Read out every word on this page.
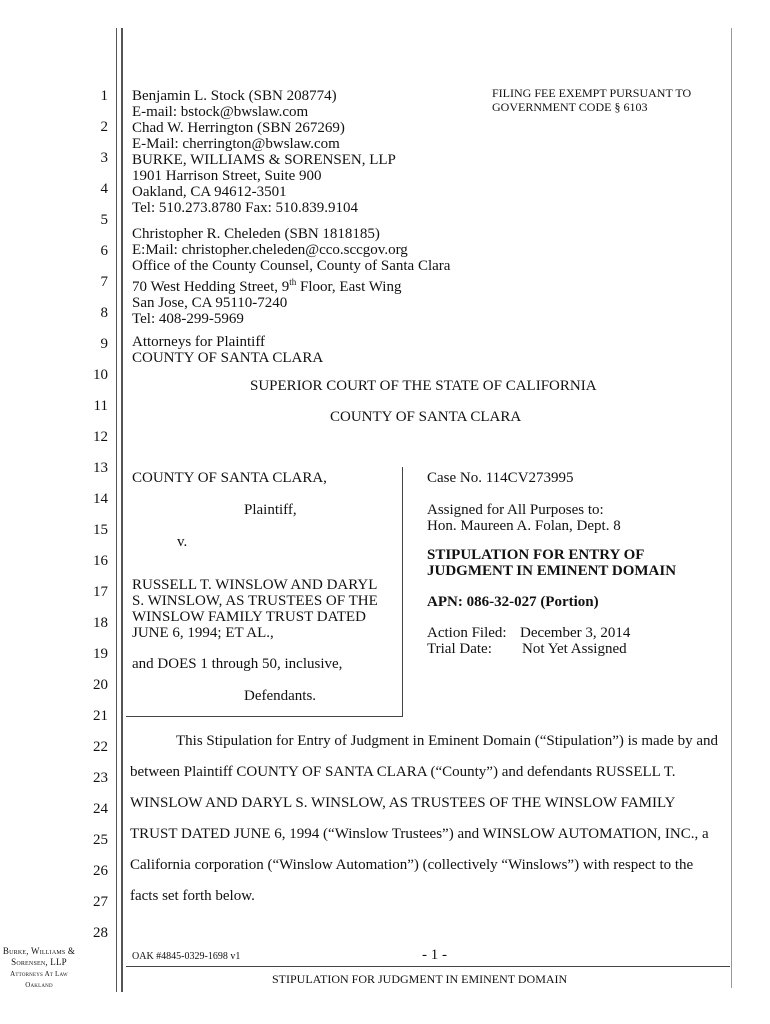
1
2
3
4
5
6
7
8
9
10
11
12
13
14
15
16
17
18
19
20
21
22
23
24
25
26
27
28
FILING FEE EXEMPT PURSUANT TO
GOVERNMENT CODE § 6103
Benjamin L. Stock (SBN 208774)
E-mail: bstock@bwslaw.com
Chad W. Herrington (SBN 267269)
E-Mail: cherrington@bwslaw.com
BURKE, WILLIAMS & SORENSEN, LLP
1901 Harrison Street, Suite 900
Oakland, CA 94612-3501
Tel: 510.273.8780 Fax: 510.839.9104
Christopher R. Cheleden (SBN 1818185)
E:Mail: christopher.cheleden@cco.sccgov.org
Office of the County Counsel, County of Santa Clara
70 West Hedding Street, 9th Floor, East Wing
San Jose, CA 95110-7240
Tel: 408-299-5969
Attorneys for Plaintiff
COUNTY OF SANTA CLARA
SUPERIOR COURT OF THE STATE OF CALIFORNIA
COUNTY OF SANTA CLARA
COUNTY OF SANTA CLARA,
Plaintiff,
v.
RUSSELL T. WINSLOW AND DARYL
S. WINSLOW, AS TRUSTEES OF THE
WINSLOW FAMILY TRUST DATED
JUNE 6, 1994; ET AL.,
and DOES 1 through 50, inclusive,
Defendants.
Case No. 114CV273995
Assigned for All Purposes to:
Hon. Maureen A. Folan, Dept. 8
STIPULATION FOR ENTRY OF
JUDGMENT IN EMINENT DOMAIN
APN: 086-32-027 (Portion)
Action Filed: December 3, 2014
Trial Date: Not Yet Assigned
This Stipulation for Entry of Judgment in Eminent Domain (“Stipulation”) is made by and
between Plaintiff COUNTY OF SANTA CLARA (“County”) and defendants RUSSELL T.
WINSLOW AND DARYL S. WINSLOW, AS TRUSTEES OF THE WINSLOW FAMILY
TRUST DATED JUNE 6, 1994 (“Winslow Trustees”) and WINSLOW AUTOMATION, INC., a
California corporation (“Winslow Automation”) (collectively “Winslows”) with respect to the
facts set forth below.
Burke, Williams &
Sorensen, LLP
Attorneys At Law
Oakland
OAK #4845-0329-1698 v1	- 1 -
STIPULATION FOR JUDGMENT IN EMINENT DOMAIN
